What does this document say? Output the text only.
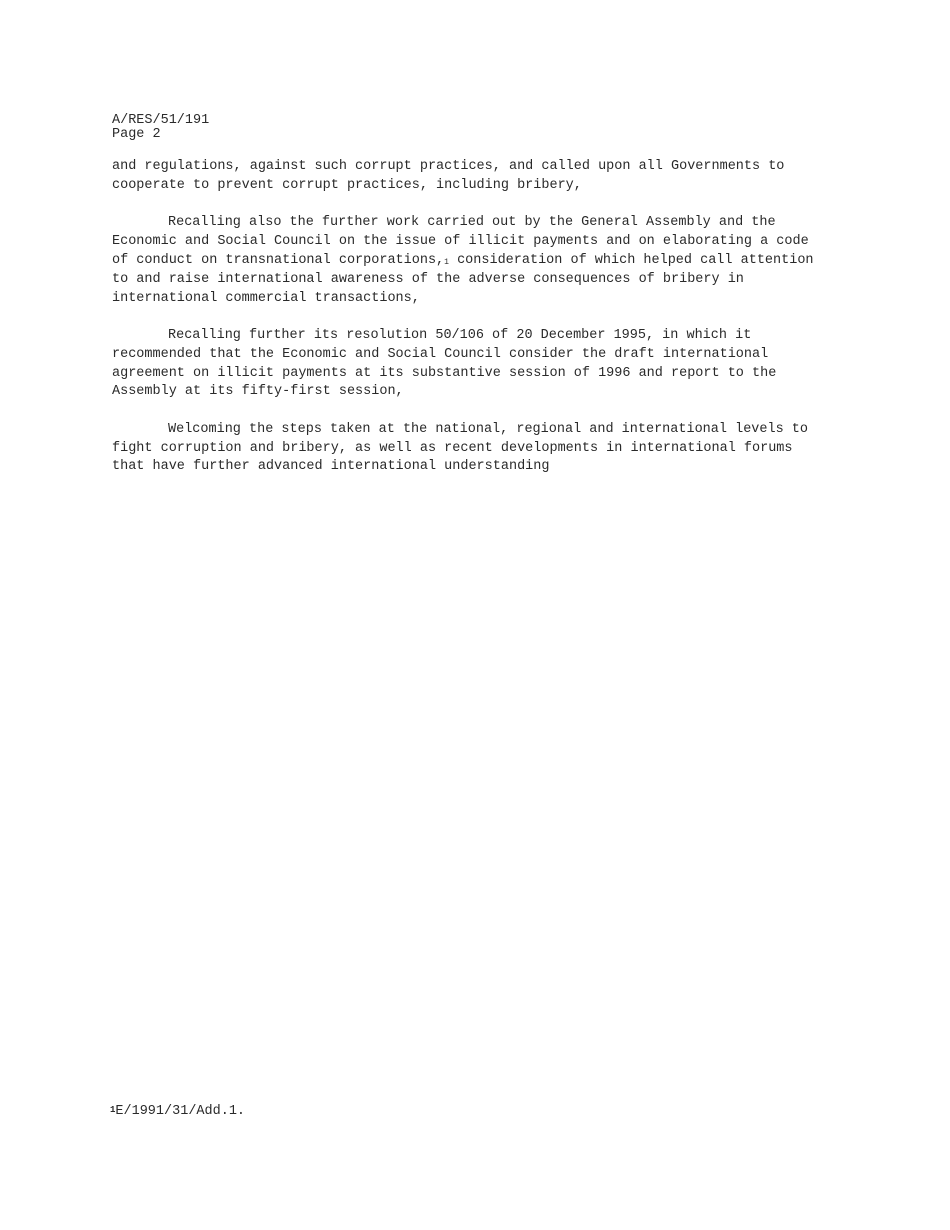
A/RES/51/191
Page 2

and regulations, against such corrupt practices, and called upon all Governments to
cooperate to prevent corrupt practices, including bribery,

Recalling also the further work carried out by the General Assembly and the
Economic and Social Council on the issue of illicit payments and on elaborating a code
of conduct on transnational corporations,1 consideration of which helped call attention
to and raise international awareness of the adverse consequences of bribery in
international commercial transactions,

Recalling further its resolution 50/106 of 20 December 1995, in which it
recommended that the Economic and Social Council consider the draft international
agreement on illicit payments at its substantive session of 1996 and report to the
Assembly at its fifty-first session,

Welcoming the steps taken at the national, regional and international levels to
fight corruption and bribery, as well as recent developments in international forums
that have further advanced international understanding

1E/1991/31/Add.1.
